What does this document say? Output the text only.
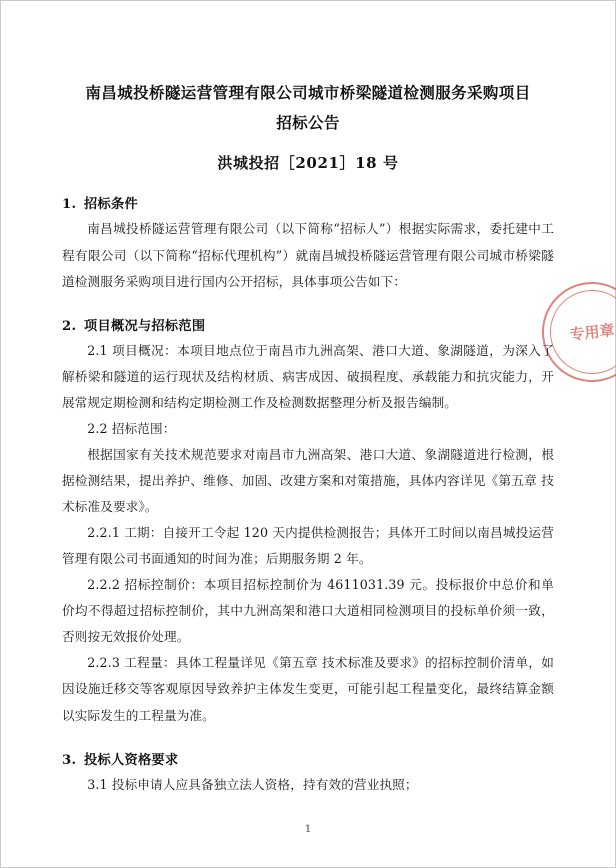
专用章
南昌城投桥隧运营管理有限公司城市桥梁隧道检测服务采购项目
招标公告
洪城投招［2021］18 号
1. 招标条件

南昌城投桥隧运营管理有限公司（以下简称“招标人”）根据实际需求，委托建中工程有限公司（以下简称“招标代理机构”）就南昌城投桥隧运营管理有限公司城市桥梁隧道检测服务采购项目进行国内公开招标，具体事项公告如下：

2. 项目概况与招标范围

2.1 项目概况：本项目地点位于南昌市九洲高架、港口大道、象湖隧道，为深入了解桥梁和隧道的运行现状及结构材质、病害成因、破损程度、承载能力和抗灾能力，开展常规定期检测和结构定期检测工作及检测数据整理分析及报告编制。

2.2 招标范围：

根据国家有关技术规范要求对南昌市九洲高架、港口大道、象湖隧道进行检测，根据检测结果，提出养护、维修、加固、改建方案和对策措施，具体内容详见《第五章 技术标准及要求》。

2.2.1 工期：自接开工令起 120 天内提供检测报告；具体开工时间以南昌城投运营管理有限公司书面通知的时间为准；后期服务期 2 年。

2.2.2 招标控制价：本项目招标控制价为 4611031.39 元。投标报价中总价和单价均不得超过招标控制价，其中九洲高架和港口大道相同检测项目的投标单价须一致，否则按无效报价处理。

2.2.3 工程量：具体工程量详见《第五章 技术标准及要求》的招标控制价清单，如因设施迁移交等客观原因导致养护主体发生变更，可能引起工程量变化，最终结算金额以实际发生的工程量为准。

3. 投标人资格要求

3.1 投标申请人应具备独立法人资格，持有效的营业执照；

1
